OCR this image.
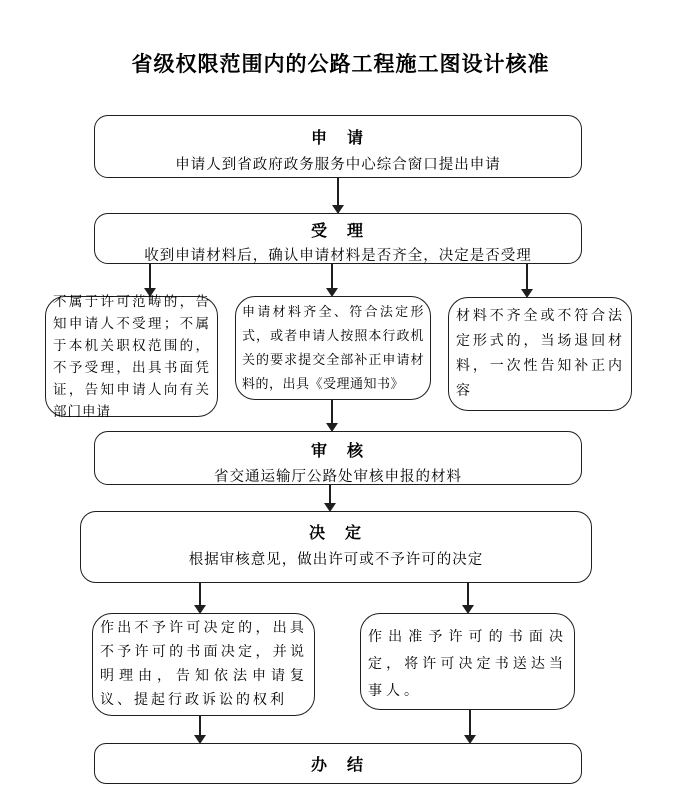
省级权限范围内的公路工程施工图设计核准
申　请
申请人到省政府政务服务中心综合窗口提出申请
受　理
收到申请材料后，确认申请材料是否齐全，决定是否受理
不属于许可范畴的，告知申请人不受理；不属于本机关职权范围的，不予受理，出具书面凭证，告知申请人向有关部门申请
申请材料齐全、符合法定形式，或者申请人按照本行政机关的要求提交全部补正申请材料的，出具《受理通知书》
材料不齐全或不符合法定形式的，当场退回材料，一次性告知补正内容
审　核
省交通运输厅公路处审核申报的材料
决　定
根据审核意见，做出许可或不予许可的决定
作出不予许可决定的，出具不予许可的书面决定，并说明理由，告知依法申请复议、提起行政诉讼的权利
作出准予许可的书面决定，将许可决定书送达当事人。
办　结
